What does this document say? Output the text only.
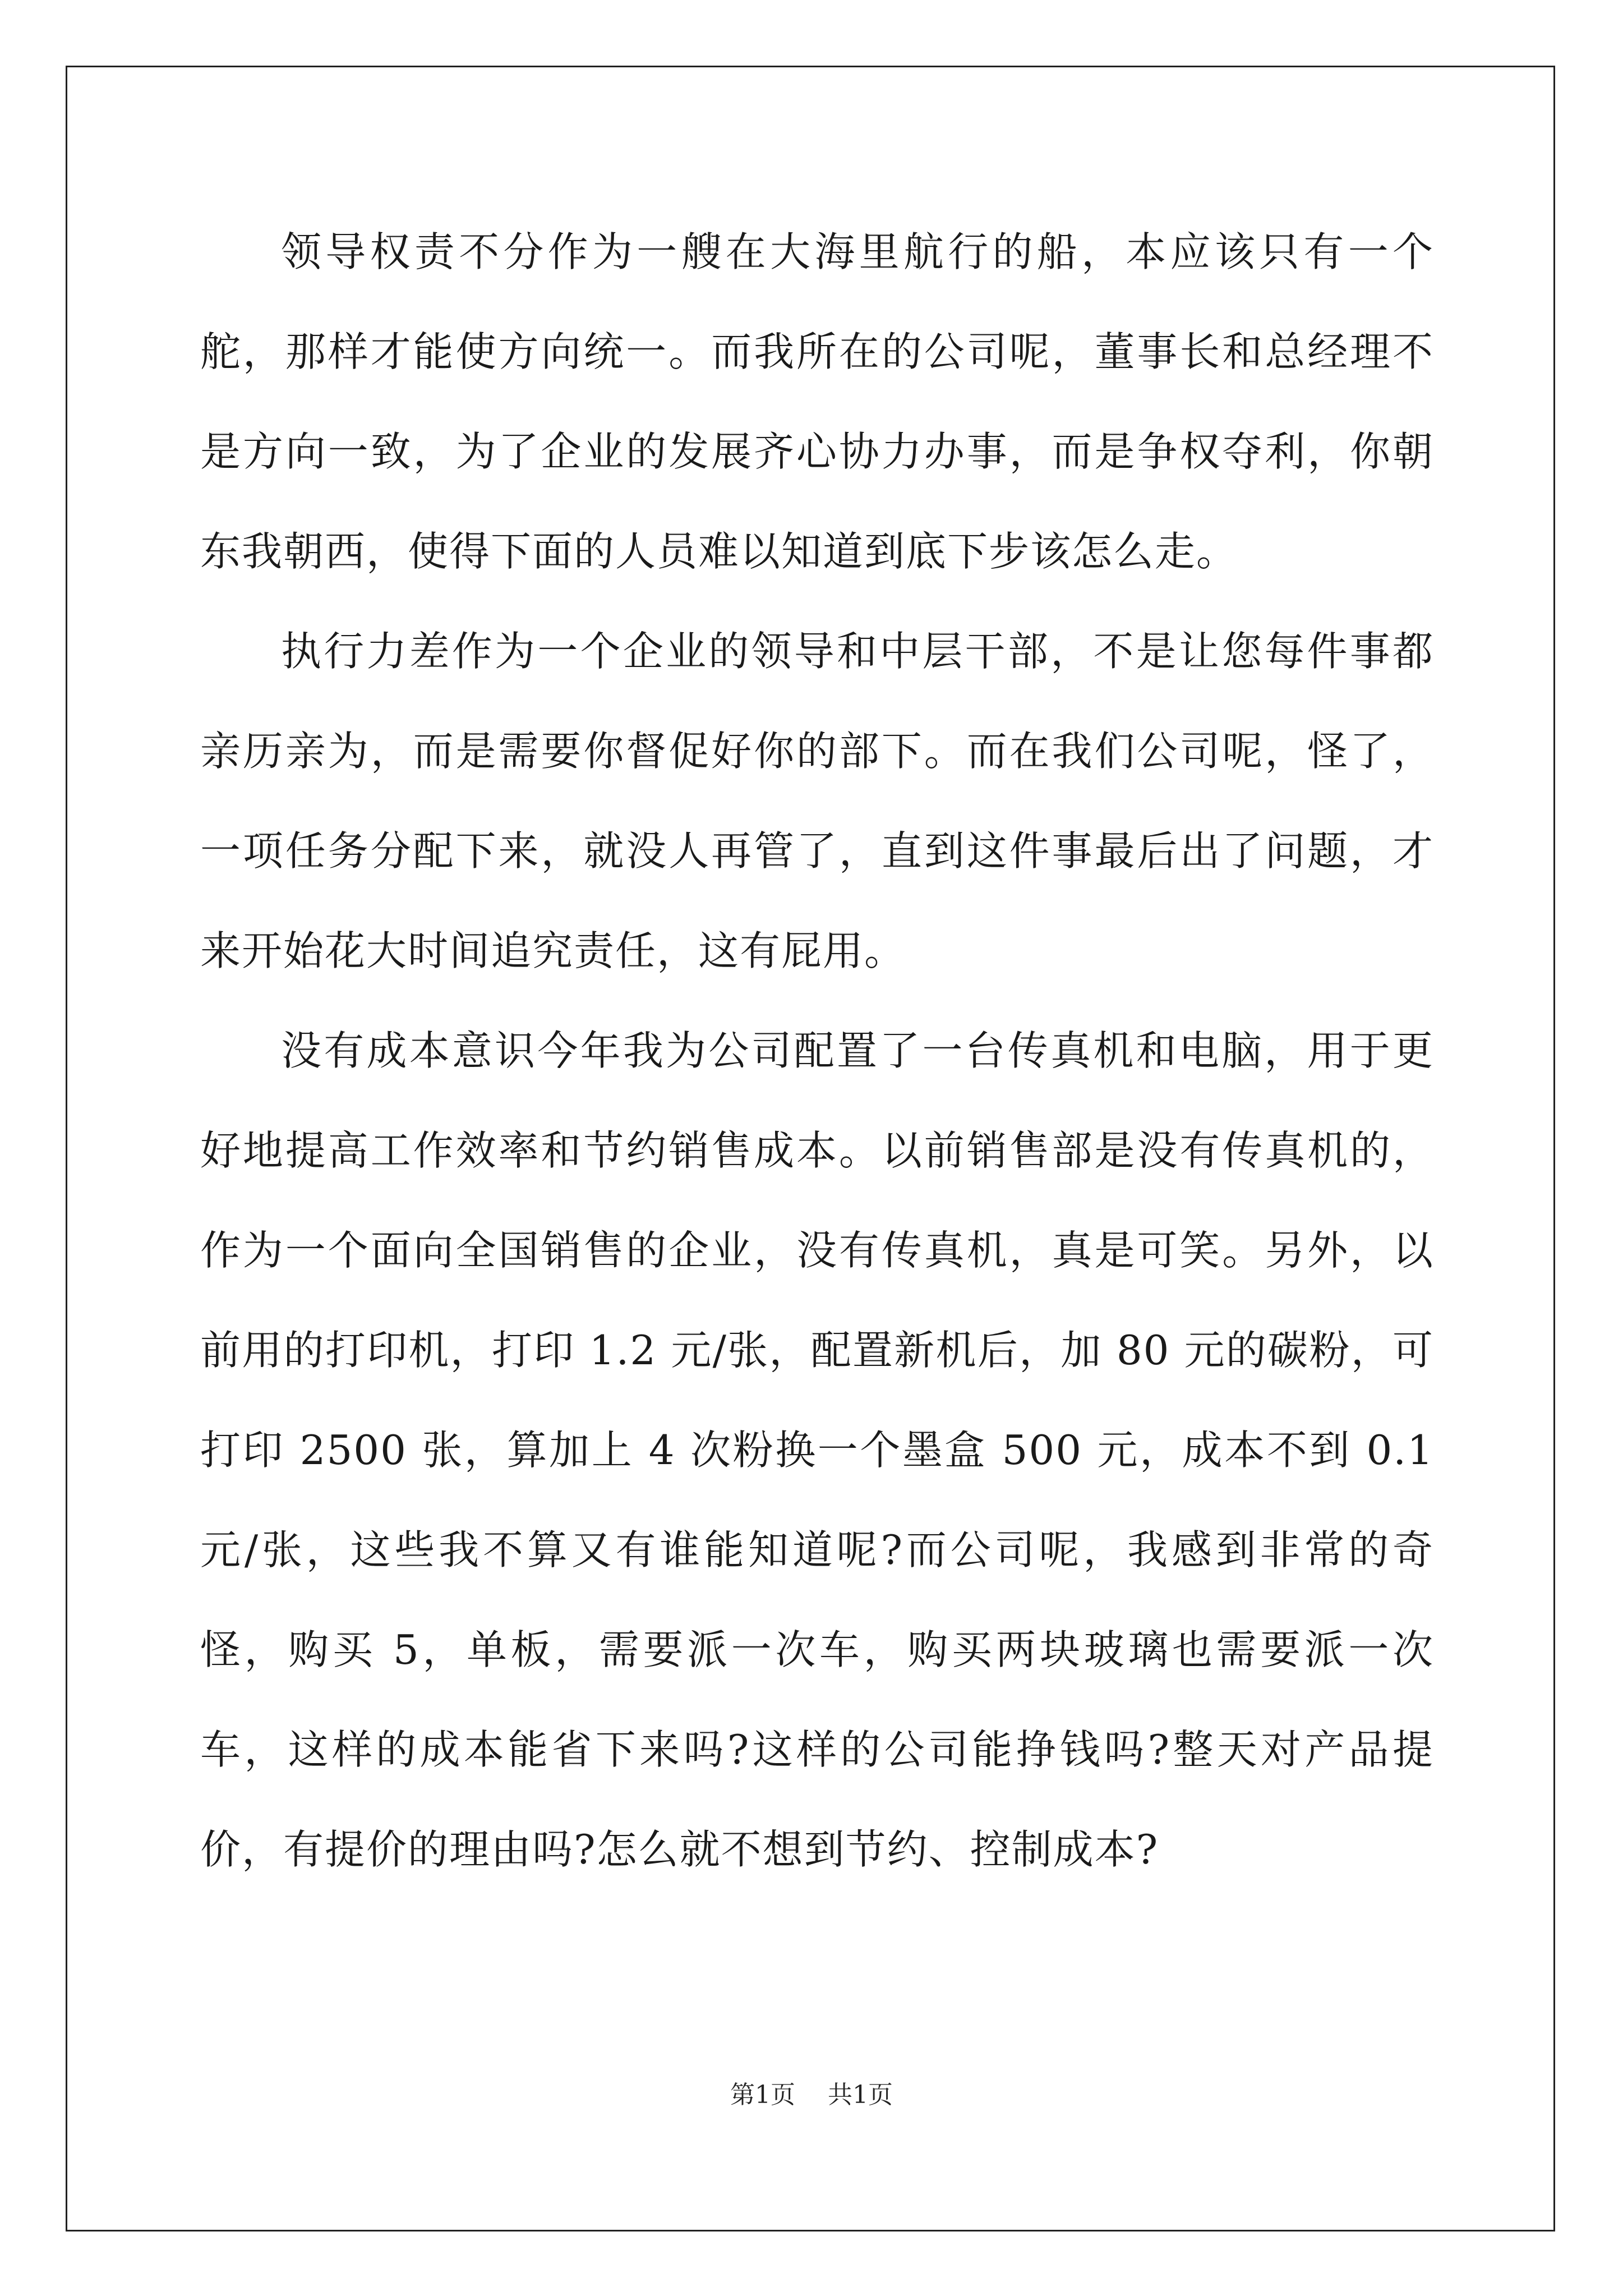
领导权责不分作为一艘在大海里航行的船，本应该只有一个舵，那样才能使方向统一。而我所在的公司呢，董事长和总经理不是方向一致，为了企业的发展齐心协力办事，而是争权夺利，你朝东我朝西，使得下面的人员难以知道到底下步该怎么走。

执行力差作为一个企业的领导和中层干部，不是让您每件事都亲历亲为，而是需要你督促好你的部下。而在我们公司呢，怪了，一项任务分配下来，就没人再管了，直到这件事最后出了问题，才来开始花大时间追究责任，这有屁用。

没有成本意识今年我为公司配置了一台传真机和电脑，用于更好地提高工作效率和节约销售成本。以前销售部是没有传真机的，作为一个面向全国销售的企业，没有传真机，真是可笑。另外，以前用的打印机，打印 1.2 元/张，配置新机后，加 80 元的碳粉，可打印 2500 张，算加上 4 次粉换一个墨盒 500 元，成本不到 0.1 元/张，这些我不算又有谁能知道呢?而公司呢，我感到非常的奇怪，购买 5，单板，需要派一次车，购买两块玻璃也需要派一次车，这样的成本能省下来吗?这样的公司能挣钱吗?整天对产品提价，有提价的理由吗?怎么就不想到节约、控制成本?

第1页 共1页
